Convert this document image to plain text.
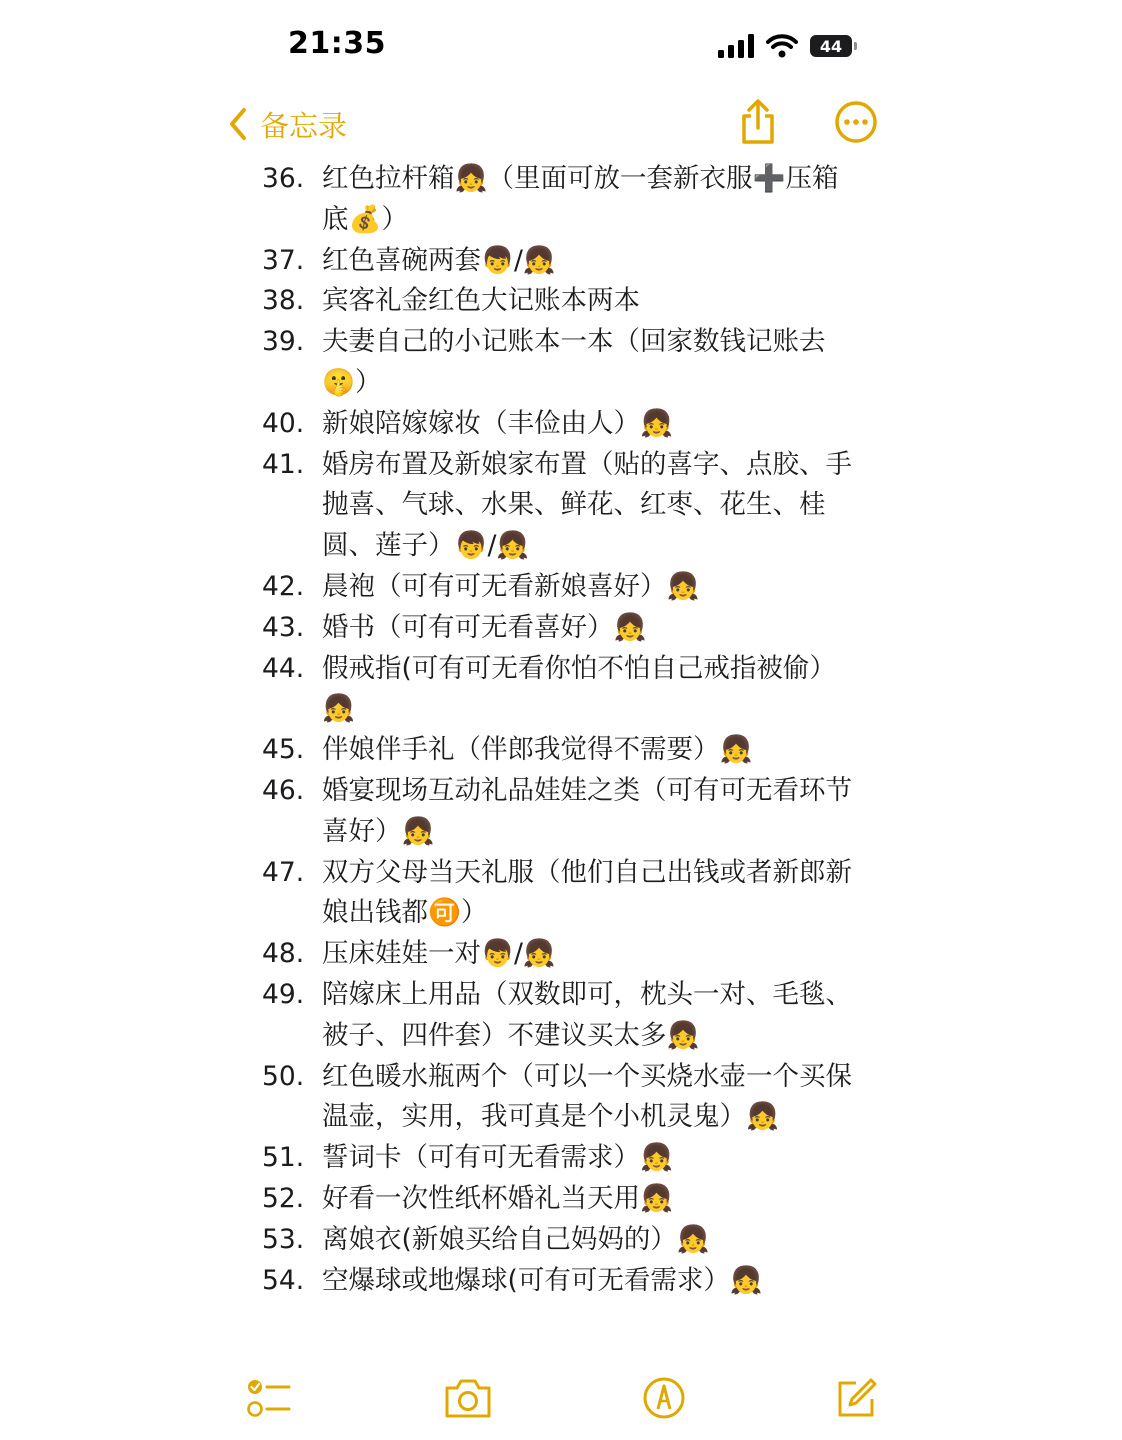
21:35	44
备忘录
36. 红色拉杆箱👧（里面可放一套新衣服➕压箱底💰）
37. 红色喜碗两套👦/👧
38. 宾客礼金红色大记账本两本
39. 夫妻自己的小记账本一本（回家数钱记账去🤫）
40. 新娘陪嫁嫁妆（丰俭由人）👧
41. 婚房布置及新娘家布置（贴的喜字、点胶、手抛喜、气球、水果、鲜花、红枣、花生、桂圆、莲子）👦/👧
42. 晨袍（可有可无看新娘喜好）👧
43. 婚书（可有可无看喜好）👧
44. 假戒指(可有可无看你怕不怕自己戒指被偷）👧
45. 伴娘伴手礼（伴郎我觉得不需要）👧
46. 婚宴现场互动礼品娃娃之类（可有可无看环节喜好）👧
47. 双方父母当天礼服（他们自己出钱或者新郎新娘出钱都🉑）
48. 压床娃娃一对👦/👧
49. 陪嫁床上用品（双数即可，枕头一对、毛毯、被子、四件套）不建议买太多👧
50. 红色暖水瓶两个（可以一个买烧水壶一个买保温壶，实用，我可真是个小机灵鬼）👧
51. 誓词卡（可有可无看需求）👧
52. 好看一次性纸杯婚礼当天用👧
53. 离娘衣(新娘买给自己妈妈的）👧
54. 空爆球或地爆球(可有可无看需求）👧
